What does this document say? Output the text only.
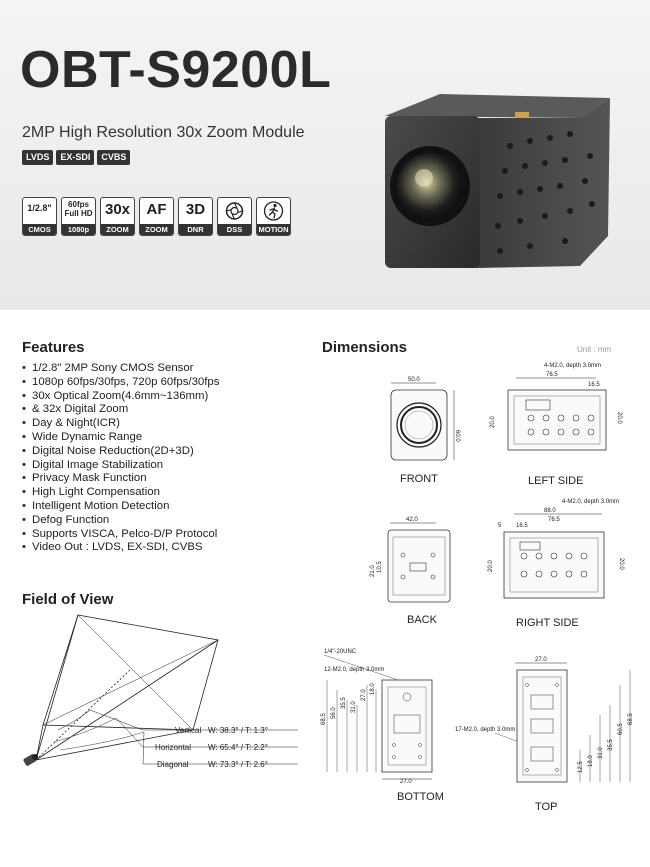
OBT-S9200L
2MP High Resolution 30x Zoom Module
LVDS	EX-SDI	CVBS
1/2.8"
CMOS
60fps Full HD
1080p
30x
ZOOM
AF
ZOOM
3D
DNR	DSS	MOTION
Features
• 1/2.8" 2MP Sony CMOS Sensor
• 1080p 60fps/30fps, 720p 60fps/30fps
• 30x Optical Zoom(4.6mm~136mm)
• & 32x Digital Zoom
• Day & Night(ICR)
• Wide Dynamic Range
• Digital Noise Reduction(2D+3D)
• Digital Image Stabilization
• Privacy Mask Function
• High Light Compensation
• Intelligent Motion Detection
• Defog Function
• Supports VISCA, Pelco-D/P Protocol
• Video Out : LVDS, EX-SDI, CVBS
Field of View
Vertical W: 38.3° / T: 1.3°
Horizontal W: 65.4° / T: 2.2°
Diagonal W: 73.3° / T: 2.6°
Dimensions	Unit : mm
50.0
60.0
FRONT
4-M2.0, depth 3.0mm
76.5
16.5
20.0	20.0
LEFT SIDE
42.0
21.0 10.5
BACK
4-M2.0, depth 3.0mm
88.0
76.5
16.5
5
20.0	20.0
RIGHT SIDE
1/4"-20UNC
12-M2.0, depth 3.0mm
68.5
56.0
35.5 31.0
27.0
18.0
27.0
BOTTOM
27.0
17-M2.0, depth 3.0mm
68.5
60.5
35.5
31.0
18.0
12.5
TOP
